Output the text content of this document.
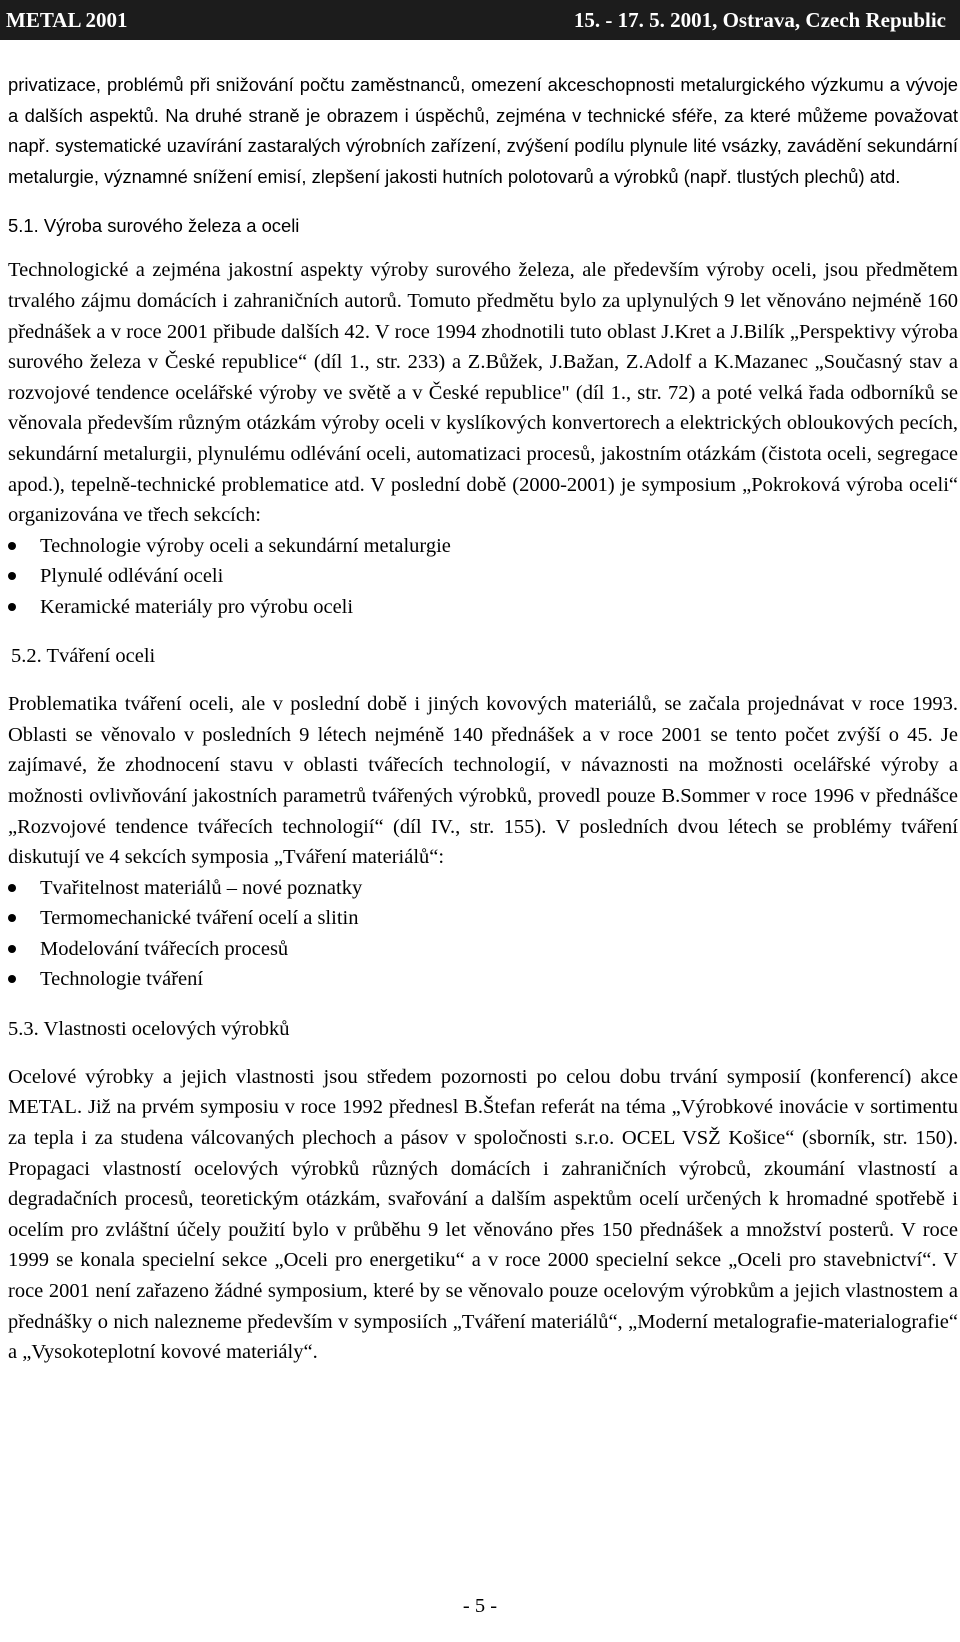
METAL 2001	15. - 17. 5. 2001, Ostrava, Czech Republic

privatizace, problémů při snižování počtu zaměstnanců, omezení akceschopnosti metalurgického výzkumu a vývoje a dalších aspektů. Na druhé straně je obrazem i úspěchů, zejména v technické sféře, za které můžeme považovat např. systematické uzavírání zastaralých výrobních zařízení, zvýšení podílu plynule lité vsázky, zavádění sekundární metalurgie, významné snížení emisí, zlepšení jakosti hutních polotovarů a výrobků (např. tlustých plechů) atd.

5.1. Výroba surového železa a oceli

Technologické a zejména jakostní aspekty výroby surového železa, ale především výroby oceli, jsou předmětem trvalého zájmu domácích i zahraničních autorů. Tomuto předmětu bylo za uplynulých 9 let věnováno nejméně 160 přednášek a v roce 2001 přibude dalších 42. V roce 1994 zhodnotili tuto oblast J.Kret a J.Bilík „Perspektivy výroba surového železa v České republice“ (díl 1., str. 233) a Z.Bůžek, J.Bažan, Z.Adolf a K.Mazanec „Současný stav a rozvojové tendence ocelářské výroby ve světě a v České republice" (díl 1., str. 72) a poté velká řada odborníků se věnovala především různým otázkám výroby oceli v kyslíkových konvertorech a elektrických obloukových pecích, sekundární metalurgii, plynulému odlévání oceli, automatizaci procesů, jakostním otázkám (čistota oceli, segregace apod.), tepelně-technické problematice atd. V poslední době (2000-2001) je symposium „Pokroková výroba oceli“ organizována ve třech sekcích:

Technologie výroby oceli a sekundární metalurgie
Plynulé odlévání oceli
Keramické materiály pro výrobu oceli

5.2. Tváření oceli

Problematika tváření oceli, ale v poslední době i jiných kovových materiálů, se začala projednávat v roce 1993. Oblasti se věnovalo v posledních 9 létech nejméně 140 přednášek a v roce 2001 se tento počet zvýší o 45. Je zajímavé, že zhodnocení stavu v oblasti tvářecích technologií, v návaznosti na možnosti ocelářské výroby a možnosti ovlivňování jakostních parametrů tvářených výrobků, provedl pouze B.Sommer v roce 1996 v přednášce „Rozvojové tendence tvářecích technologií“ (díl IV., str. 155). V posledních dvou létech se problémy tváření diskutují ve 4 sekcích symposia „Tváření materiálů“:

Tvařitelnost materiálů – nové poznatky
Termomechanické tváření ocelí a slitin
Modelování tvářecích procesů
Technologie tváření

5.3. Vlastnosti ocelových výrobků

Ocelové výrobky a jejich vlastnosti jsou středem pozornosti po celou dobu trvání symposií (konferencí) akce METAL. Již na prvém symposiu v roce 1992 přednesl B.Štefan referát na téma „Výrobkové inovácie v sortimentu za tepla i za studena válcovaných plechoch a pásov v spoločnosti s.r.o. OCEL VSŽ Košice“ (sborník, str. 150). Propagaci vlastností ocelových výrobků různých domácích i zahraničních výrobců, zkoumání vlastností a degradačních procesů, teoretickým otázkám, svařování a dalším aspektům ocelí určených k hromadné spotřebě i ocelím pro zvláštní účely použití bylo v průběhu 9 let věnováno přes 150 přednášek a množství posterů. V roce 1999 se konala specielní sekce „Oceli pro energetiku“ a v roce 2000 specielní sekce „Oceli pro stavebnictví“. V roce 2001 není zařazeno žádné symposium, které by se věnovalo pouze ocelovým výrobkům a jejich vlastnostem a přednášky o nich nalezneme především v symposiích „Tváření materiálů“, „Moderní metalografie-materialografie“ a „Vysokoteplotní kovové materiály“.

- 5 -
